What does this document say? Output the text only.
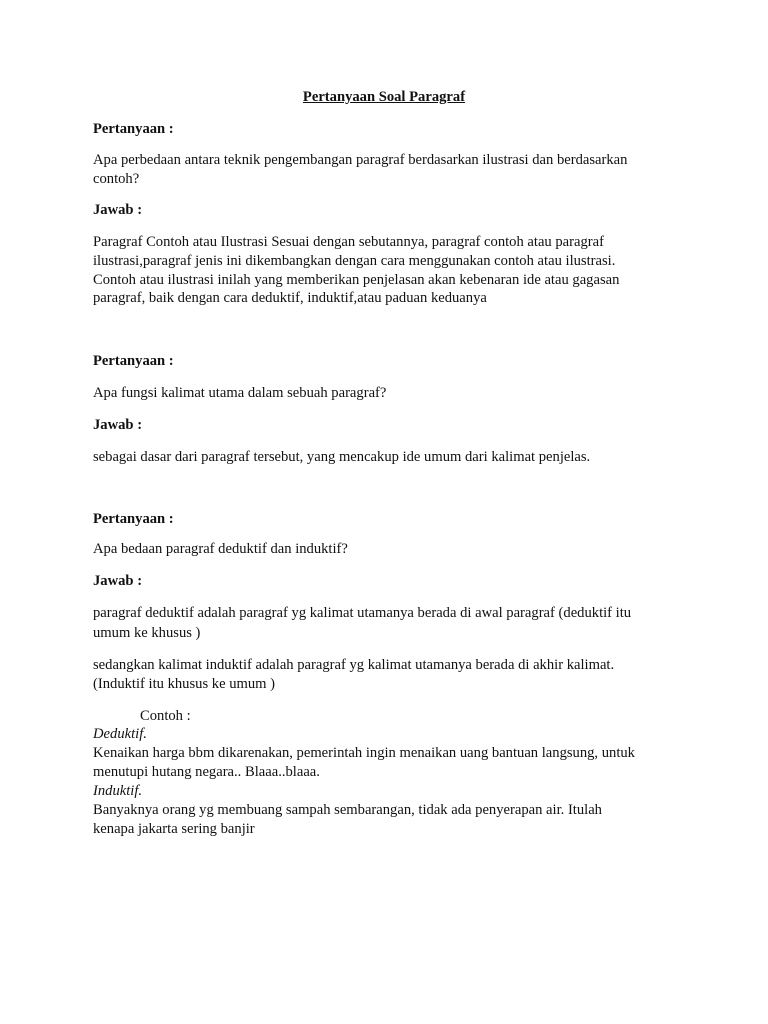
Pertanyaan Soal Paragraf
Pertanyaan :
Apa perbedaan antara teknik pengembangan paragraf berdasarkan ilustrasi dan berdasarkan
contoh?
Jawab :
Paragraf Contoh atau Ilustrasi Sesuai dengan sebutannya, paragraf contoh atau paragraf
ilustrasi,paragraf jenis ini dikembangkan dengan cara menggunakan contoh atau ilustrasi.
Contoh atau ilustrasi inilah yang memberikan penjelasan akan kebenaran ide atau gagasan
paragraf, baik dengan cara deduktif, induktif,atau paduan keduanya
Pertanyaan :
Apa fungsi kalimat utama dalam sebuah paragraf?
Jawab :
sebagai dasar dari paragraf tersebut, yang mencakup ide umum dari kalimat penjelas.
Pertanyaan :
Apa bedaan paragraf deduktif dan induktif?
Jawab :
paragraf deduktif adalah paragraf yg kalimat utamanya berada di awal paragraf (deduktif itu
umum ke khusus )
sedangkan kalimat induktif adalah paragraf yg kalimat utamanya berada di akhir kalimat.
(Induktif itu khusus ke umum )
Contoh :
Deduktif.
Kenaikan harga bbm dikarenakan, pemerintah ingin menaikan uang bantuan langsung, untuk
menutupi hutang negara.. Blaaa..blaaa.
Induktif.
Banyaknya orang yg membuang sampah sembarangan, tidak ada penyerapan air. Itulah
kenapa jakarta sering banjir
